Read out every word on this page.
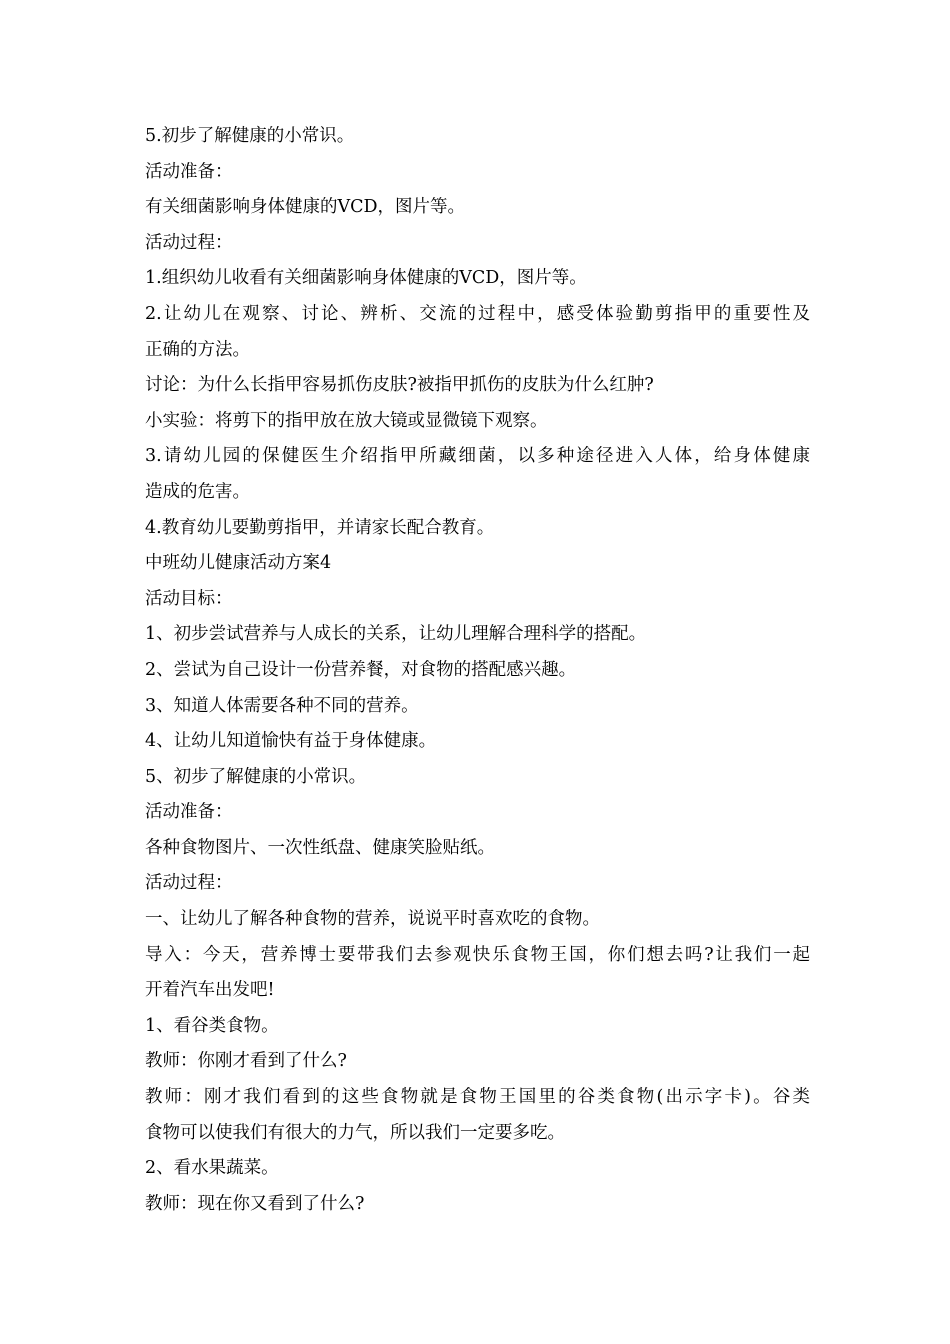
5.初步了解健康的小常识。
活动准备：
有关细菌影响身体健康的VCD，图片等。
活动过程：
1.组织幼儿收看有关细菌影响身体健康的VCD，图片等。
2.让幼儿在观察、讨论、辨析、交流的过程中，感受体验勤剪指甲的重要性及
正确的方法。
讨论：为什么长指甲容易抓伤皮肤?被指甲抓伤的皮肤为什么红肿?
小实验：将剪下的指甲放在放大镜或显微镜下观察。
3.请幼儿园的保健医生介绍指甲所藏细菌，以多种途径进入人体，给身体健康
造成的危害。
4.教育幼儿要勤剪指甲，并请家长配合教育。
中班幼儿健康活动方案4
活动目标：
1、初步尝试营养与人成长的关系，让幼儿理解合理科学的搭配。
2、尝试为自己设计一份营养餐，对食物的搭配感兴趣。
3、知道人体需要各种不同的营养。
4、让幼儿知道愉快有益于身体健康。
5、初步了解健康的小常识。
活动准备：
各种食物图片、一次性纸盘、健康笑脸贴纸。
活动过程：
一、让幼儿了解各种食物的营养，说说平时喜欢吃的食物。
导入：今天，营养博士要带我们去参观快乐食物王国，你们想去吗?让我们一起
开着汽车出发吧!
1、看谷类食物。
教师：你刚才看到了什么?
教师：刚才我们看到的这些食物就是食物王国里的谷类食物(出示字卡)。谷类
食物可以使我们有很大的力气，所以我们一定要多吃。
2、看水果蔬菜。
教师：现在你又看到了什么?
